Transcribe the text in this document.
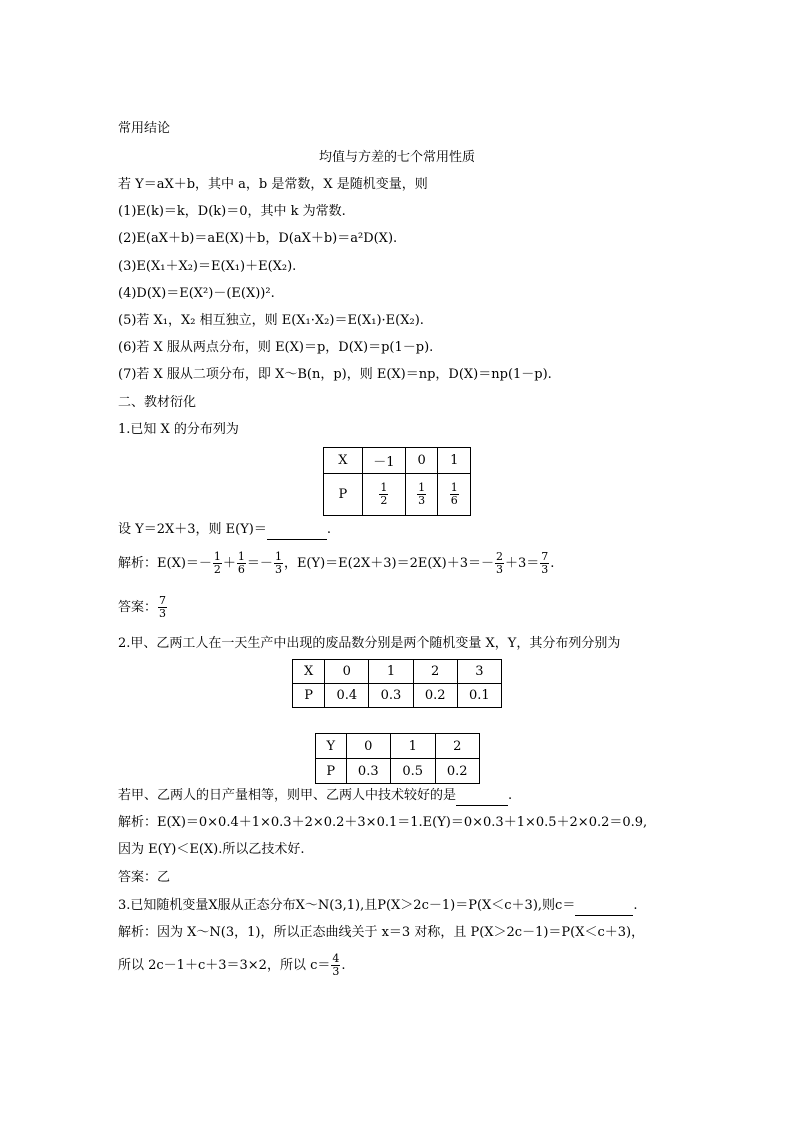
常用结论
均值与方差的七个常用性质
若 Y＝aX＋b，其中 a，b 是常数，X 是随机变量，则
(1)E(k)＝k，D(k)＝0，其中 k 为常数.
(2)E(aX＋b)＝aE(X)＋b，D(aX＋b)＝a²D(X).
(3)E(X₁＋X₂)＝E(X₁)＋E(X₂).
(4)D(X)＝E(X²)－(E(X))².
(5)若 X₁，X₂ 相互独立，则 E(X₁·X₂)＝E(X₁)·E(X₂).
(6)若 X 服从两点分布，则 E(X)＝p，D(X)＝p(1－p).
(7)若 X 服从二项分布，即 X～B(n，p)，则 E(X)＝np，D(X)＝np(1－p).
二、教材衍化
1.已知 X 的分布列为
X	－1	0	1
P	$\frac{1}{2}$	$\frac{1}{3}$	$\frac{1}{6}$
设 Y＝2X＋3，则 E(Y)＝	.
解析：$E(X)=- \frac{1}{2} + \frac{1}{6} =- \frac{1}{3}$ ，$E(Y)=E(2X+3)=2E(X)+3=- \frac{2}{3} +3= \frac{7}{3}$ .
答案： $\frac{7}{3}$
2.甲、乙两工人在一天生产中出现的废品数分别是两个随机变量 X，Y，其分布列分别为
X	0	1	2	3
P	0.4	0.3	0.2	0.1
Y	0	1	2
P	0.3	0.5	0.2
若甲、乙两人的日产量相等，则甲、乙两人中技术较好的是	.
解析：E(X)＝0×0.4＋1×0.3＋2×0.2＋3×0.1＝1.E(Y)＝0×0.3＋1×0.5＋2×0.2＝0.9,
因为 E(Y)＜E(X).所以乙技术好.
答案：乙
3.已知随机变量X服从正态分布X～N(3,1),且P(X＞2c－1)＝P(X＜c＋3),则c＝	.
解析：因为 X～N(3，1)，所以正态曲线关于 x＝3 对称，且 P(X＞2c－1)＝P(X＜c＋3)，
所以 2c－1＋c＋3＝3×2，所以 $c= \frac{4}{3}$ .
